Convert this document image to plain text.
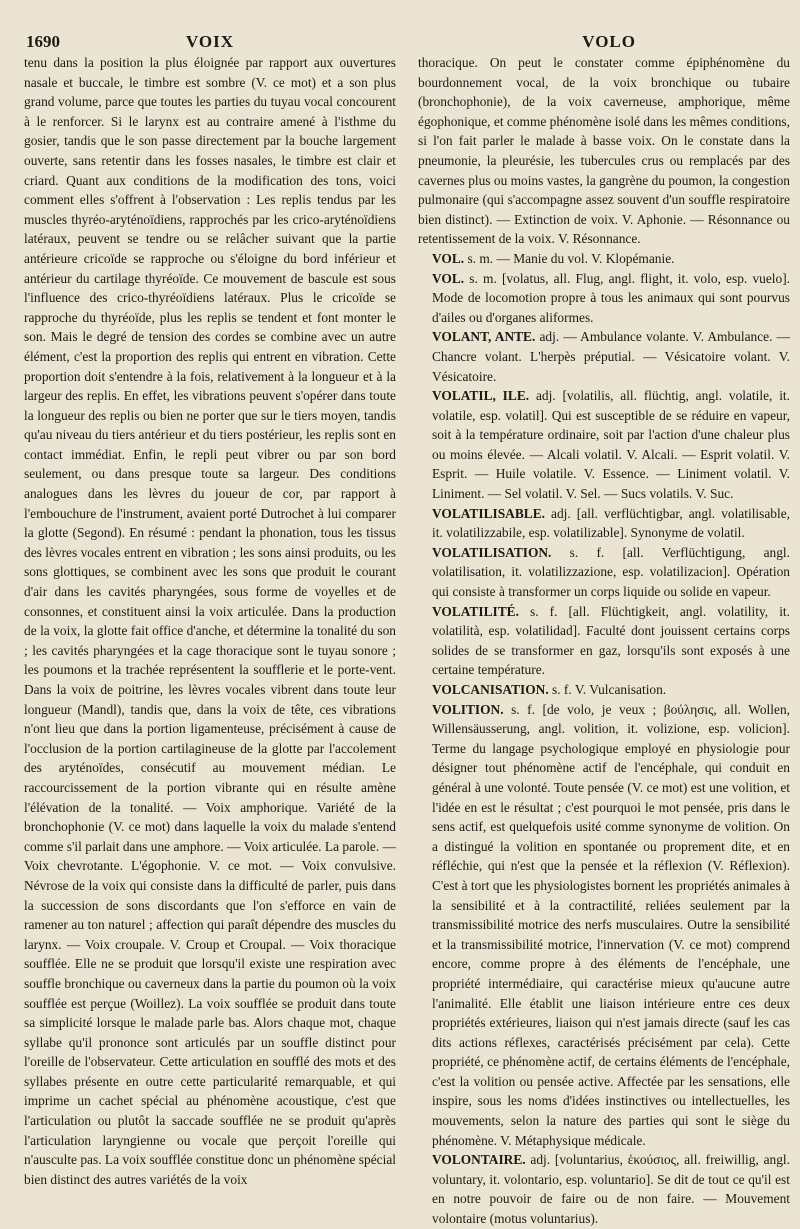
1690	VOIX	VOLO

tenu dans la position la plus éloignée par rapport aux ouvertures nasale et buccale, le timbre est sombre (V. ce mot) et a son plus grand volume, parce que toutes les parties du tuyau vocal concourent à le renforcer. Si le larynx est au contraire amené à l'isthme du gosier, tandis que le son passe directement par la bouche largement ouverte, sans retentir dans les fosses nasales, le timbre est clair et criard. Quant aux conditions de la modification des tons, voici comment elles s'offrent à l'observation : Les replis tendus par les muscles thyréo-aryténoïdiens, rapprochés par les crico-aryténoïdiens latéraux, peuvent se tendre ou se relâcher suivant que la partie antérieure cricoïde se rapproche ou s'éloigne du bord inférieur et antérieur du cartilage thyréoïde. Ce mouvement de bascule est sous l'influence des crico-thyréoïdiens latéraux. Plus le cricoïde se rapproche du thyréoïde, plus les replis se tendent et font monter le son. Mais le degré de tension des cordes se combine avec un autre élément, c'est la proportion des replis qui entrent en vibration. Cette proportion doit s'entendre à la fois, relativement à la longueur et à la largeur des replis. En effet, les vibrations peuvent s'opérer dans toute la longueur des replis ou bien ne porter que sur le tiers moyen, tandis qu'au niveau du tiers antérieur et du tiers postérieur, les replis sont en contact immédiat. Enfin, le repli peut vibrer ou par son bord seulement, ou dans presque toute sa largeur. Des conditions analogues dans les lèvres du joueur de cor, par rapport à l'embouchure de l'instrument, avaient porté Dutrochet à lui comparer la glotte (Segond). En résumé : pendant la phonation, tous les tissus des lèvres vocales entrent en vibration ; les sons ainsi produits, ou les sons glottiques, se combinent avec les sons que produit le courant d'air dans les cavités pharyngées, sous forme de voyelles et de consonnes, et constituent ainsi la voix articulée. Dans la production de la voix, la glotte fait office d'anche, et détermine la tonalité du son ; les cavités pharyngées et la cage thoracique sont le tuyau sonore ; les poumons et la trachée représentent la soufflerie et le porte-vent. Dans la voix de poitrine, les lèvres vocales vibrent dans toute leur longueur (Mandl), tandis que, dans la voix de tête, ces vibrations n'ont lieu que dans la portion ligamenteuse, précisément à cause de l'occlusion de la portion cartilagineuse de la glotte par l'accolement des aryténoïdes, consécutif au mouvement médian. Le raccourcissement de la portion vibrante qui en résulte amène l'élévation de la tonalité. — Voix amphorique. Variété de la bronchophonie (V. ce mot) dans laquelle la voix du malade s'entend comme s'il parlait dans une amphore. — Voix articulée. La parole. — Voix chevrotante. L'égophonie. V. ce mot. — Voix convulsive. Névrose de la voix qui consiste dans la difficulté de parler, puis dans la succession de sons discordants que l'on s'efforce en vain de ramener au ton naturel ; affection qui paraît dépendre des muscles du larynx. — Voix croupale. V. Croup et Croupal. — Voix thoracique soufflée. Elle ne se produit que lorsqu'il existe une respiration avec souffle bronchique ou caverneux dans la partie du poumon où la voix soufflée est perçue (Woillez). La voix soufflée se produit dans toute sa simplicité lorsque le malade parle bas. Alors chaque mot, chaque syllabe qu'il prononce sont articulés par un souffle distinct pour l'oreille de l'observateur. Cette articulation en soufflé des mots et des syllabes présente en outre cette particularité remarquable, et qui imprime un cachet spécial au phénomène acoustique, c'est que l'articulation ou plutôt la saccade soufflée ne se produit qu'après l'articulation laryngienne ou vocale que perçoit l'oreille qui n'ausculte pas. La voix soufflée constitue donc un phénomène spécial bien distinct des autres variétés de la voix

thoracique. On peut le constater comme épiphénomène du bourdonnement vocal, de la voix bronchique ou tubaire (bronchophonie), de la voix caverneuse, amphorique, même égophonique, et comme phénomène isolé dans les mêmes conditions, si l'on fait parler le malade à basse voix. On le constate dans la pneumonie, la pleurésie, les tubercules crus ou remplacés par des cavernes plus ou moins vastes, la gangrène du poumon, la congestion pulmonaire (qui s'accompagne assez souvent d'un souffle respiratoire bien distinct). — Extinction de voix. V. Aphonie. — Résonnance ou retentissement de la voix. V. Résonnance.

VOL. s. m. — Manie du vol. V. Klopémanie.

VOL. s. m. [volatus, all. Flug, angl. flight, it. volo, esp. vuelo]. Mode de locomotion propre à tous les animaux qui sont pourvus d'ailes ou d'organes aliformes.

VOLANT, ANTE. adj. — Ambulance volante. V. Ambulance. — Chancre volant. L'herpès préputial. — Vésicatoire volant. V. Vésicatoire.

VOLATIL, ILE. adj. [volatilis, all. flüchtig, angl. volatile, it. volatile, esp. volatil]. Qui est susceptible de se réduire en vapeur, soit à la température ordinaire, soit par l'action d'une chaleur plus ou moins élevée. — Alcali volatil. V. Alcali. — Esprit volatil. V. Esprit. — Huile volatile. V. Essence. — Liniment volatil. V. Liniment. — Sel volatil. V. Sel. — Sucs volatils. V. Suc.

VOLATILISABLE. adj. [all. verflüchtigbar, angl. volatilisable, it. volatilizzabile, esp. volatilizable]. Synonyme de volatil.

VOLATILISATION. s. f. [all. Verflüchtigung, angl. volatilisation, it. volatilizzazione, esp. volatilizacion]. Opération qui consiste à transformer un corps liquide ou solide en vapeur.

VOLATILITÉ. s. f. [all. Flüchtigkeit, angl. volatility, it. volatilità, esp. volatilidad]. Faculté dont jouissent certains corps solides de se transformer en gaz, lorsqu'ils sont exposés à une certaine température.

VOLCANISATION. s. f. V. Vulcanisation.

VOLITION. s. f. [de volo, je veux ; βούλησις, all. Wollen, Willensäusserung, angl. volition, it. volizione, esp. volicion]. Terme du langage psychologique employé en physiologie pour désigner tout phénomène actif de l'encéphale, qui conduit en général à une volonté. Toute pensée (V. ce mot) est une volition, et l'idée en est le résultat ; c'est pourquoi le mot pensée, pris dans le sens actif, est quelquefois usité comme synonyme de volition. On a distingué la volition en spontanée ou proprement dite, et en réfléchie, qui n'est que la pensée et la réflexion (V. Réflexion). C'est à tort que les physiologistes bornent les propriétés animales à la sensibilité et à la contractilité, reliées seulement par la transmissibilité motrice des nerfs musculaires. Outre la sensibilité et la transmissibilité motrice, l'innervation (V. ce mot) comprend encore, comme propre à des éléments de l'encéphale, une propriété intermédiaire, qui caractérise mieux qu'aucune autre l'animalité. Elle établit une liaison intérieure entre ces deux propriétés extérieures, liaison qui n'est jamais directe (sauf les cas dits actions réflexes, caractérisés précisément par cela). Cette propriété, ce phénomène actif, de certains éléments de l'encéphale, c'est la volition ou pensée active. Affectée par les sensations, elle inspire, sous les noms d'idées instinctives ou intellectuelles, les mouvements, selon la nature des parties qui sont le siège du phénomène. V. Métaphysique médicale.

VOLONTAIRE. adj. [voluntarius, ἑκούσιος, all. freiwillig, angl. voluntary, it. volontario, esp. voluntario]. Se dit de tout ce qu'il est en notre pouvoir de faire ou de non faire. — Mouvement volontaire (motus voluntarius).
